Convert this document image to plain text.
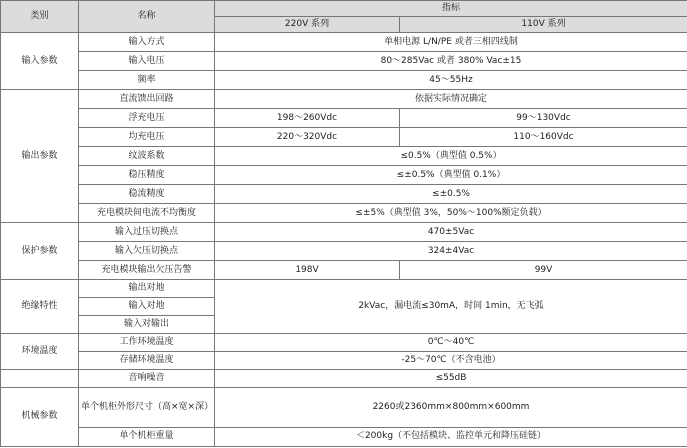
类别	名称	指标	
		220V 系列	110V 系列
输入参数	输入方式	单相电源 L/N/PE 或者三相四线制	
	输入电压	80～285Vac 或者 380% Vac±15	
	频率	45～55Hz	
输出参数	直流馈出回路	依据实际情况确定	
	浮充电压	198～260Vdc	99～130Vdc
	均充电压	220～320Vdc	110～160Vdc
	纹波系数	≤0.5%（典型值 0.5%）	
	稳压精度	≤±0.5%（典型值 0.1%）	
	稳流精度	≤±0.5%	
	充电模块间电流不均衡度	≤±5%（典型值 3%，50%～100%额定负载）	
保护参数	输入过压切换点	470±5Vac	
	输入欠压切换点	324±4Vac	
	充电模块输出欠压告警	198V	99V
绝缘特性	输出对地	2kVac，漏电流≤30mA，时间 1min，无飞弧	
	输入对地		
	输入对输出		
环境温度	工作环境温度	0℃～40℃	
	存储环境温度	-25～70℃（不含电池）	
	音响噪音	≤55dB	
机械参数	单个机柜外形尺寸（高×宽×深）	2260或2360mm×800mm×600mm	
	单个机柜重量	＜200kg（不包括模块、监控单元和降压硅链）	
